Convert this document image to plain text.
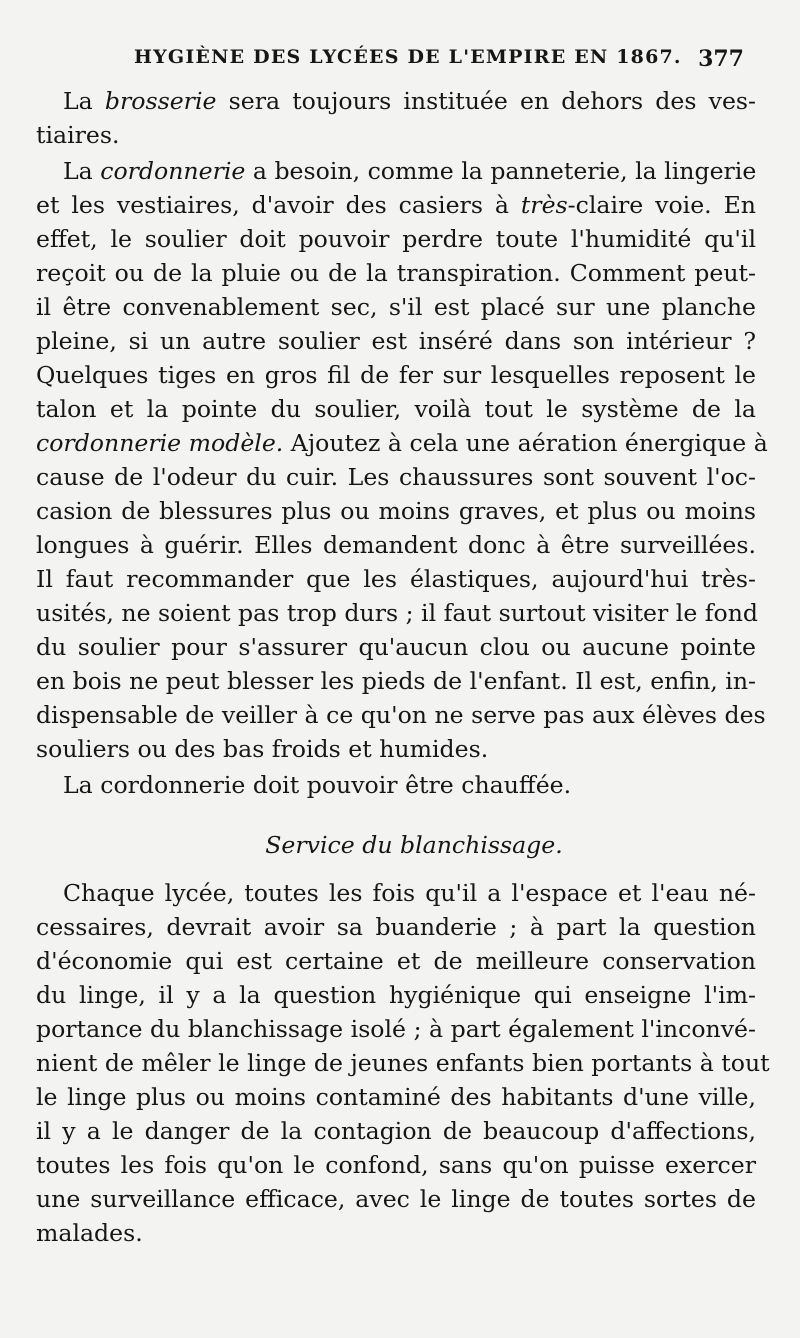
HYGIÈNE DES LYCÉES DE L'EMPIRE EN 1867. 377
La brosserie sera toujours instituée en dehors des ves-
tiaires.
La cordonnerie a besoin, comme la panneterie, la lingerie
et les vestiaires, d'avoir des casiers à très-claire voie. En
effet, le soulier doit pouvoir perdre toute l'humidité qu'il
reçoit ou de la pluie ou de la transpiration. Comment peut-
il être convenablement sec, s'il est placé sur une planche
pleine, si un autre soulier est inséré dans son intérieur ?
Quelques tiges en gros fil de fer sur lesquelles reposent le
talon et la pointe du soulier, voilà tout le système de la
cordonnerie modèle. Ajoutez à cela une aération énergique à
cause de l'odeur du cuir. Les chaussures sont souvent l'oc-
casion de blessures plus ou moins graves, et plus ou moins
longues à guérir. Elles demandent donc à être surveillées.
Il faut recommander que les élastiques, aujourd'hui très-
usités, ne soient pas trop durs ; il faut surtout visiter le fond
du soulier pour s'assurer qu'aucun clou ou aucune pointe
en bois ne peut blesser les pieds de l'enfant. Il est, enfin, in-
dispensable de veiller à ce qu'on ne serve pas aux élèves des
souliers ou des bas froids et humides.
La cordonnerie doit pouvoir être chauffée.
Service du blanchissage.
Chaque lycée, toutes les fois qu'il a l'espace et l'eau né-
cessaires, devrait avoir sa buanderie ; à part la question
d'économie qui est certaine et de meilleure conservation
du linge, il y a la question hygiénique qui enseigne l'im-
portance du blanchissage isolé ; à part également l'inconvé-
nient de mêler le linge de jeunes enfants bien portants à tout
le linge plus ou moins contaminé des habitants d'une ville,
il y a le danger de la contagion de beaucoup d'affections,
toutes les fois qu'on le confond, sans qu'on puisse exercer
une surveillance efficace, avec le linge de toutes sortes de
malades.
